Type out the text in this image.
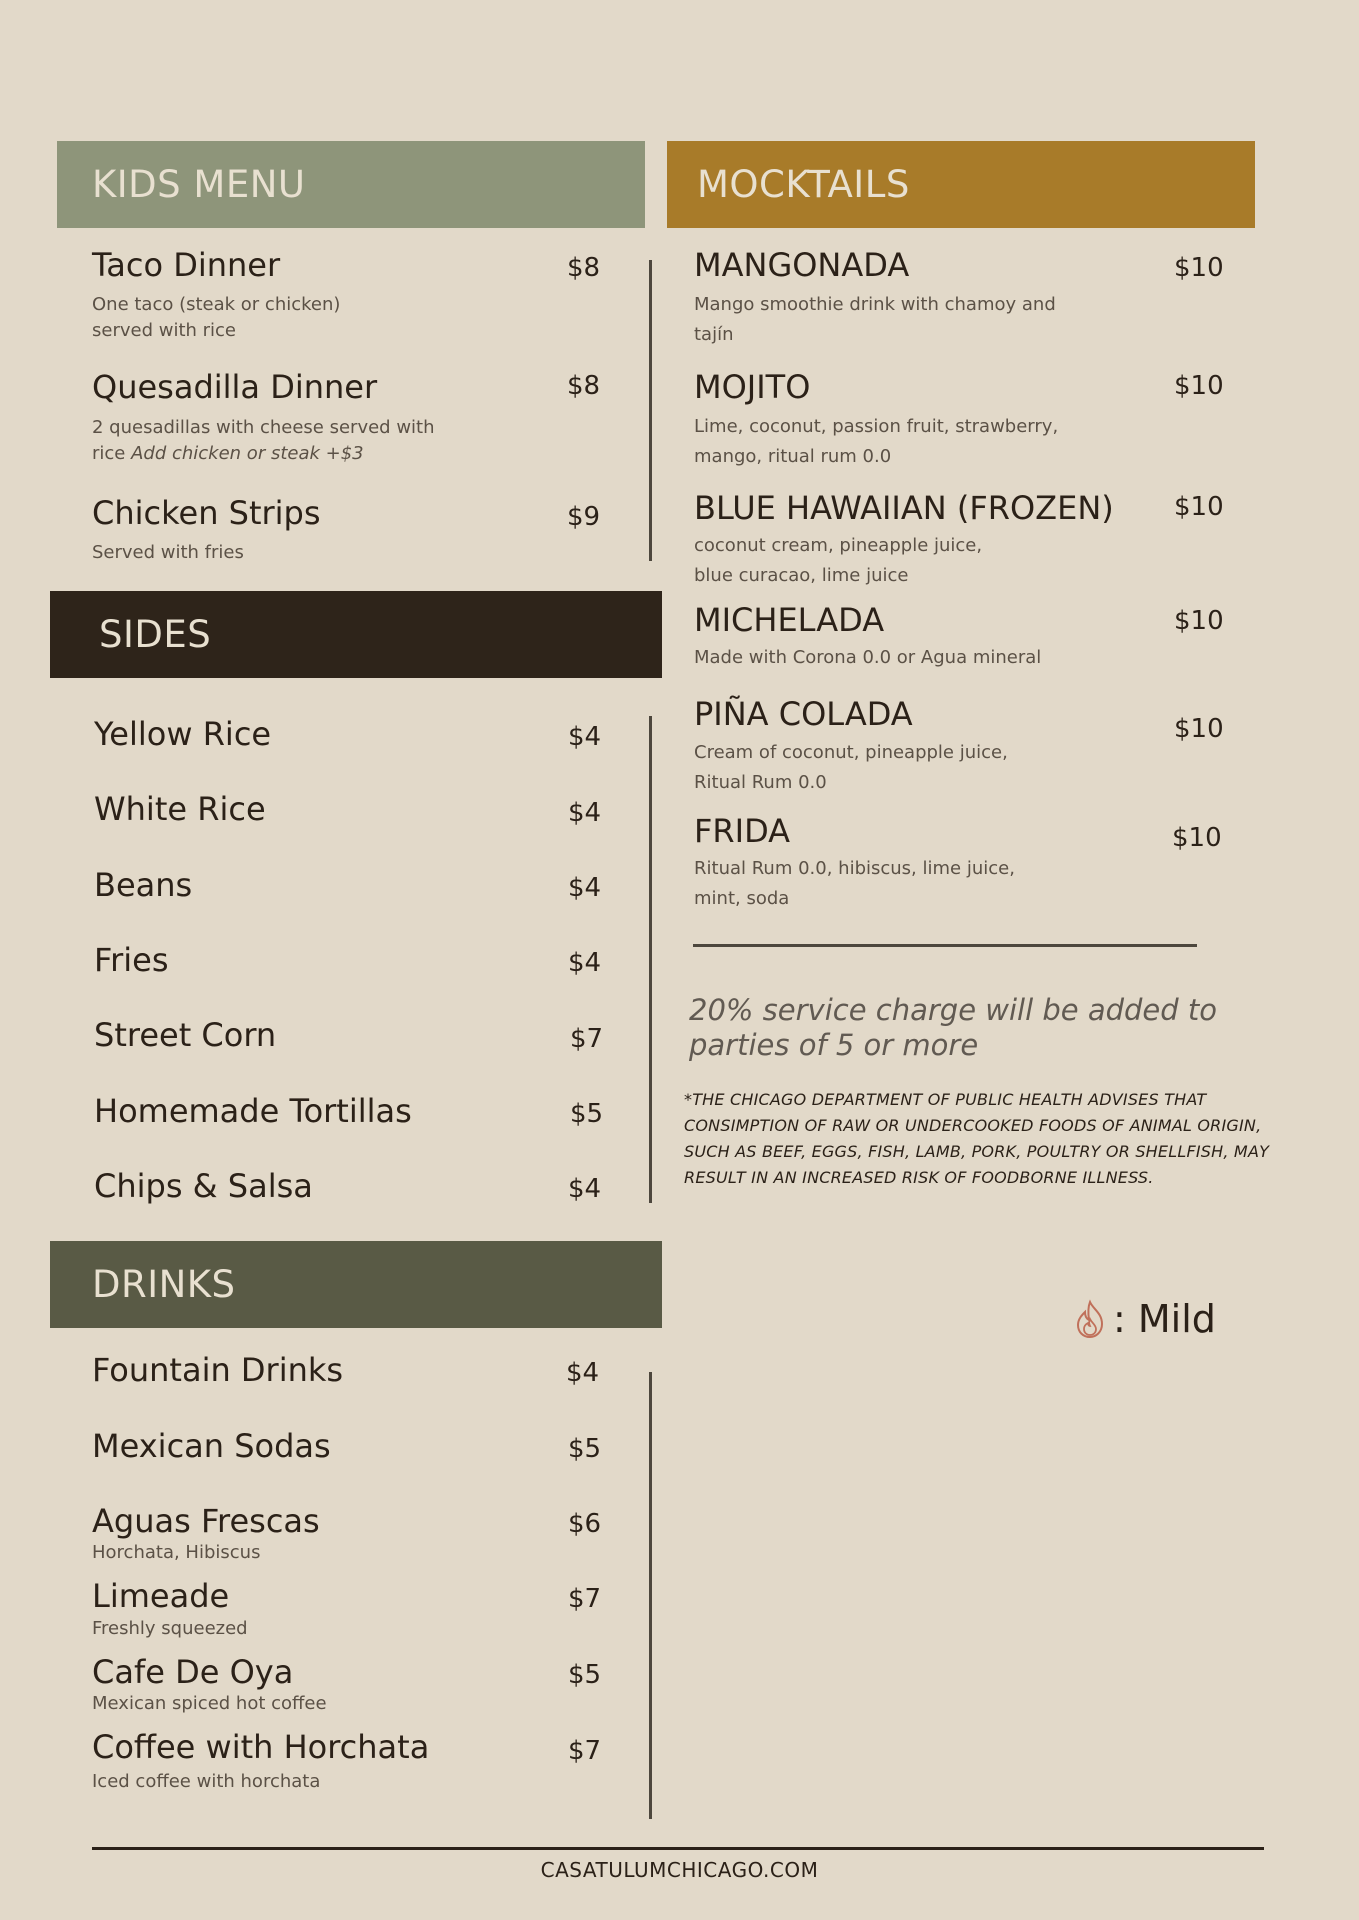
KIDS MENU
Taco Dinner	$8
One taco (steak or chicken)
served with rice
Quesadilla Dinner	$8
2 quesadillas with cheese served with
rice Add chicken or steak +$3
Chicken Strips	$9
Served with fries
SIDES
Yellow Rice	$4
White Rice	$4
Beans	$4
Fries	$4
Street Corn	$7
Homemade Tortillas	$5
Chips & Salsa	$4
DRINKS
Fountain Drinks	$4
Mexican Sodas	$5
Aguas Frescas	$6
Horchata, Hibiscus
Limeade	$7
Freshly squeezed
Cafe De Oya	$5
Mexican spiced hot coffee
Coffee with Horchata	$7
Iced coffee with horchata
MOCKTAILS
MANGONADA	$10
Mango smoothie drink with chamoy and
tajín
MOJITO	$10
Lime, coconut, passion fruit, strawberry,
mango, ritual rum 0.0
BLUE HAWAIIAN (FROZEN) $10
coconut cream, pineapple juice,
blue curacao, lime juice
MICHELADA	$10
Made with Corona 0.0 or Agua mineral
PIÑA COLADA	$10
Cream of coconut, pineapple juice,
Ritual Rum 0.0
FRIDA	$10
Ritual Rum 0.0, hibiscus, lime juice,
mint, soda
20% service charge will be added to parties of 5 or more
*THE CHICAGO DEPARTMENT OF PUBLIC HEALTH ADVISES THAT CONSIMPTION OF RAW OR UNDERCOOKED FOODS OF ANIMAL ORIGIN, SUCH AS BEEF, EGGS, FISH, LAMB, PORK, POULTRY OR SHELLFISH, MAY RESULT IN AN INCREASED RISK OF FOODBORNE ILLNESS.
: Mild
CASATULUMCHICAGO.COM
